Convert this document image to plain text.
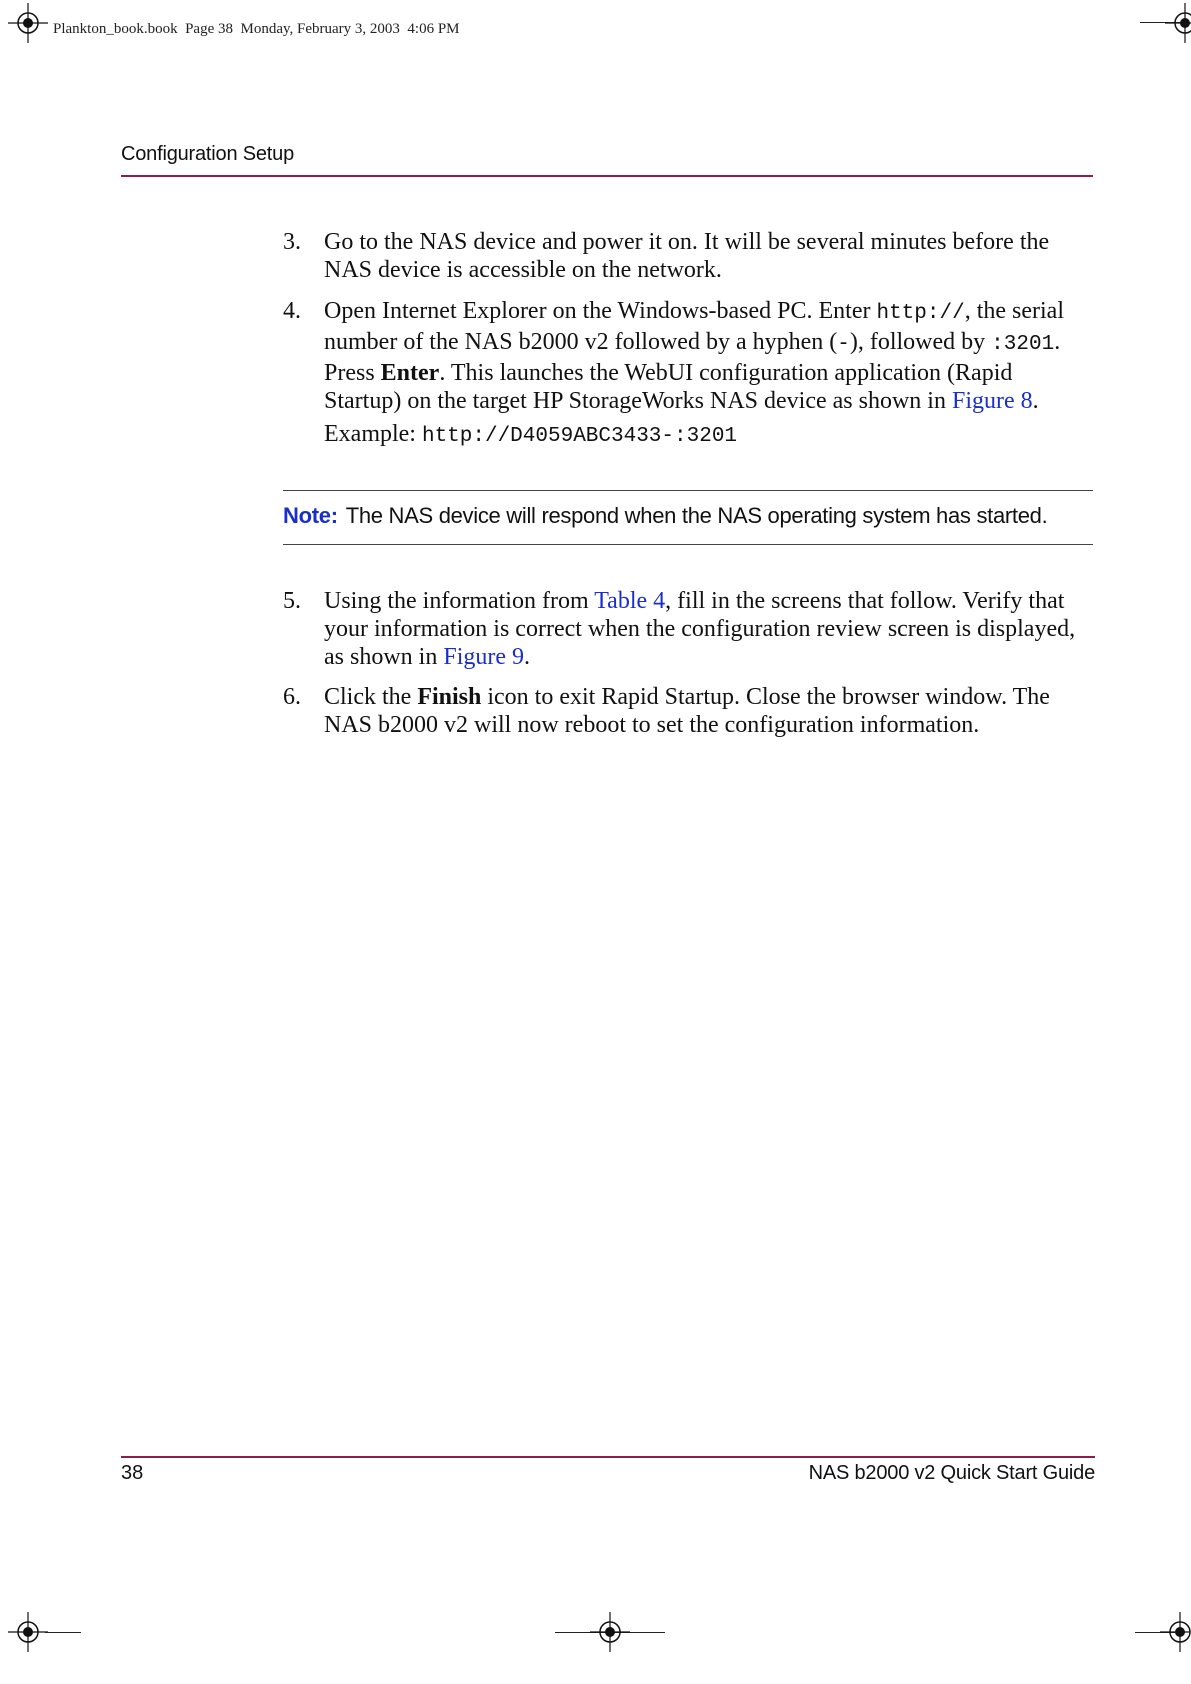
Plankton_book.book  Page 38  Monday, February 3, 2003  4:06 PM
Configuration Setup
3. Go to the NAS device and power it on. It will be several minutes before the NAS device is accessible on the network.
4. Open Internet Explorer on the Windows-based PC. Enter http://, the serial number of the NAS b2000 v2 followed by a hyphen (-), followed by :3201. Press Enter. This launches the WebUI configuration application (Rapid Startup) on the target HP StorageWorks NAS device as shown in Figure 8.
Example: http://D4059ABC3433-:3201
Note: The NAS device will respond when the NAS operating system has started.
5. Using the information from Table 4, fill in the screens that follow. Verify that your information is correct when the configuration review screen is displayed, as shown in Figure 9.
6. Click the Finish icon to exit Rapid Startup. Close the browser window. The NAS b2000 v2 will now reboot to set the configuration information.
38	NAS b2000 v2 Quick Start Guide
